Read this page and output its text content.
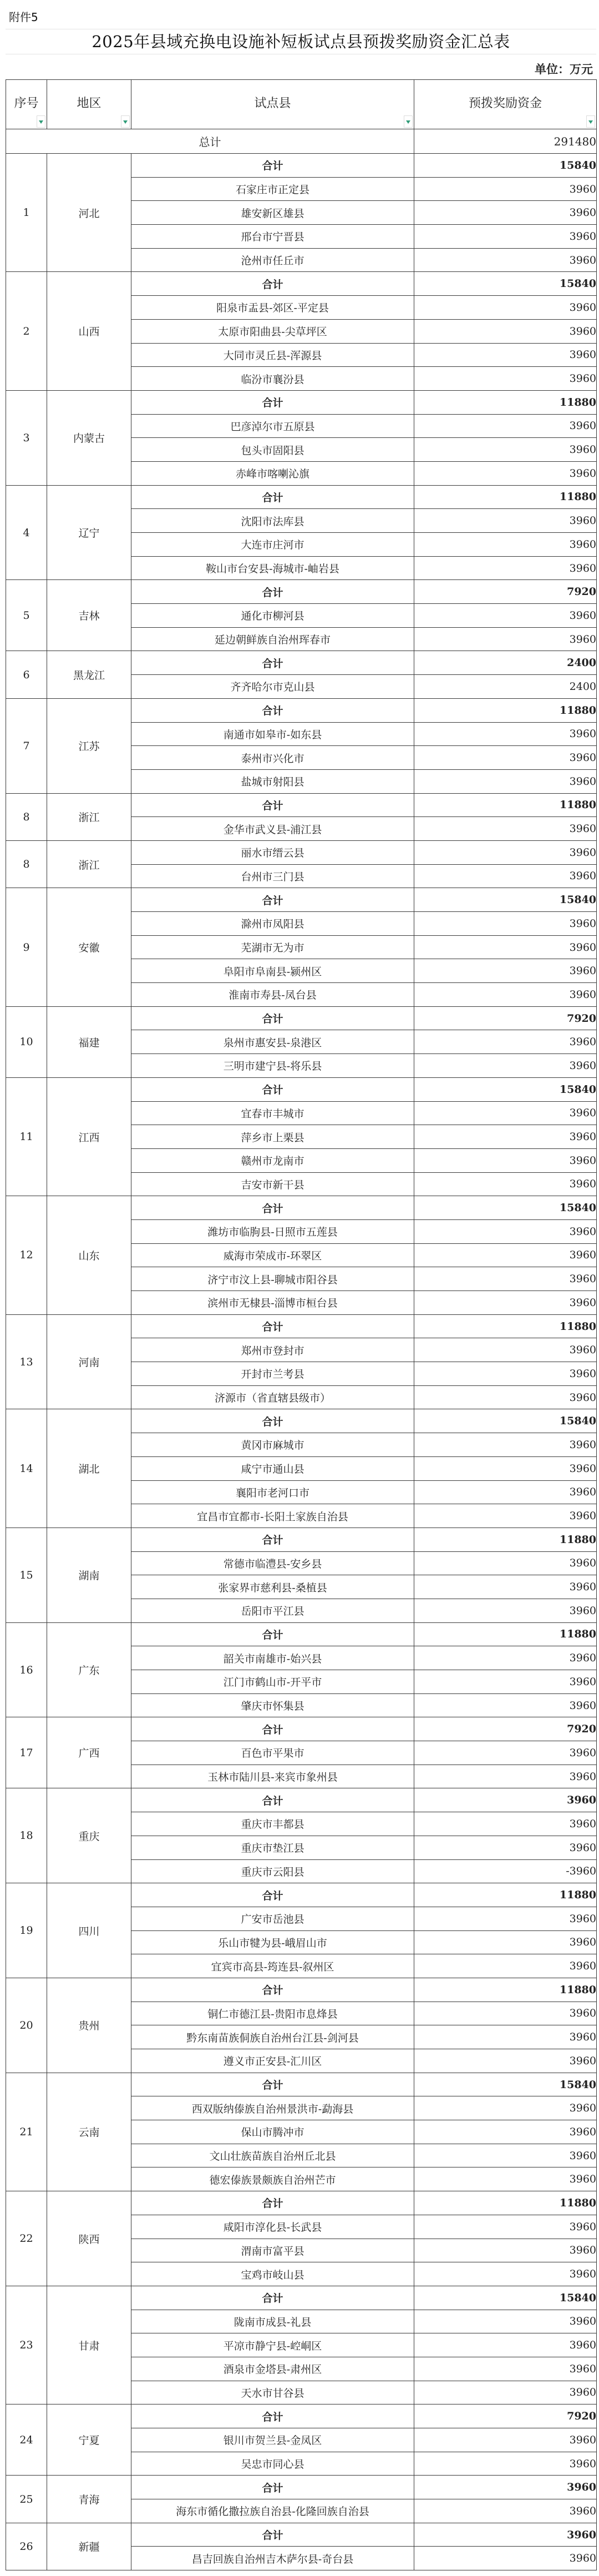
附件5
2025年县域充换电设施补短板试点县预拨奖励资金汇总表
单位：万元
序号	地区	试点县	预拨奖励资金

总计			291480
1	河北	合计	15840
		石家庄市正定县	3960
		雄安新区雄县	3960
		邢台市宁晋县	3960
		沧州市任丘市	3960
2	山西	合计	15840
		阳泉市盂县-郊区-平定县	3960
		太原市阳曲县-尖草坪区	3960
		大同市灵丘县-浑源县	3960
		临汾市襄汾县	3960
3	内蒙古	合计	11880
		巴彦淖尔市五原县	3960
		包头市固阳县	3960
		赤峰市喀喇沁旗	3960
4	辽宁	合计	11880
		沈阳市法库县	3960
		大连市庄河市	3960
		鞍山市台安县-海城市-岫岩县	3960
5	吉林	合计	7920
		通化市柳河县	3960
		延边朝鲜族自治州珲春市	3960
6	黑龙江	合计	2400
		齐齐哈尔市克山县	2400
7	江苏	合计	11880
		南通市如皋市-如东县	3960
		泰州市兴化市	3960
		盐城市射阳县	3960
8	浙江	合计	11880
		金华市武义县-浦江县	3960
8	浙江	丽水市缙云县	3960
		台州市三门县	3960
9	安徽	合计	15840
		滁州市凤阳县	3960
		芜湖市无为市	3960
		阜阳市阜南县-颍州区	3960
		淮南市寿县-凤台县	3960
10	福建	合计	7920
		泉州市惠安县-泉港区	3960
		三明市建宁县-将乐县	3960
11	江西	合计	15840
		宜春市丰城市	3960
		萍乡市上栗县	3960
		赣州市龙南市	3960
		吉安市新干县	3960
12	山东	合计	15840
		潍坊市临朐县-日照市五莲县	3960
		威海市荣成市-环翠区	3960
		济宁市汶上县-聊城市阳谷县	3960
		滨州市无棣县-淄博市桓台县	3960
13	河南	合计	11880
		郑州市登封市	3960
		开封市兰考县	3960
		济源市（省直辖县级市）	3960
14	湖北	合计	15840
		黄冈市麻城市	3960
		咸宁市通山县	3960
		襄阳市老河口市	3960
		宜昌市宜都市-长阳土家族自治县	3960
15	湖南	合计	11880
		常德市临澧县-安乡县	3960
		张家界市慈利县-桑植县	3960
		岳阳市平江县	3960
16	广东	合计	11880
		韶关市南雄市-始兴县	3960
		江门市鹤山市-开平市	3960
		肇庆市怀集县	3960
17	广西	合计	7920
		百色市平果市	3960
		玉林市陆川县-来宾市象州县	3960
18	重庆	合计	3960
		重庆市丰都县	3960
		重庆市垫江县	3960
		重庆市云阳县	-3960
19	四川	合计	11880
		广安市岳池县	3960
		乐山市犍为县-峨眉山市	3960
		宜宾市高县-筠连县-叙州区	3960
20	贵州	合计	11880
		铜仁市德江县-贵阳市息烽县	3960
		黔东南苗族侗族自治州台江县-剑河县	3960
		遵义市正安县-汇川区	3960
21	云南	合计	15840
		西双版纳傣族自治州景洪市-勐海县	3960
		保山市腾冲市	3960
		文山壮族苗族自治州丘北县	3960
		德宏傣族景颇族自治州芒市	3960
22	陕西	合计	11880
		咸阳市淳化县-长武县	3960
		渭南市富平县	3960
		宝鸡市岐山县	3960
23	甘肃	合计	15840
		陇南市成县-礼县	3960
		平凉市静宁县-崆峒区	3960
		酒泉市金塔县-肃州区	3960
		天水市甘谷县	3960
24	宁夏	合计	7920
		银川市贺兰县-金凤区	3960
		吴忠市同心县	3960
25	青海	合计	3960
		海东市循化撒拉族自治县-化隆回族自治县	3960
26	新疆	合计	3960
		昌吉回族自治州吉木萨尔县-奇台县	3960
